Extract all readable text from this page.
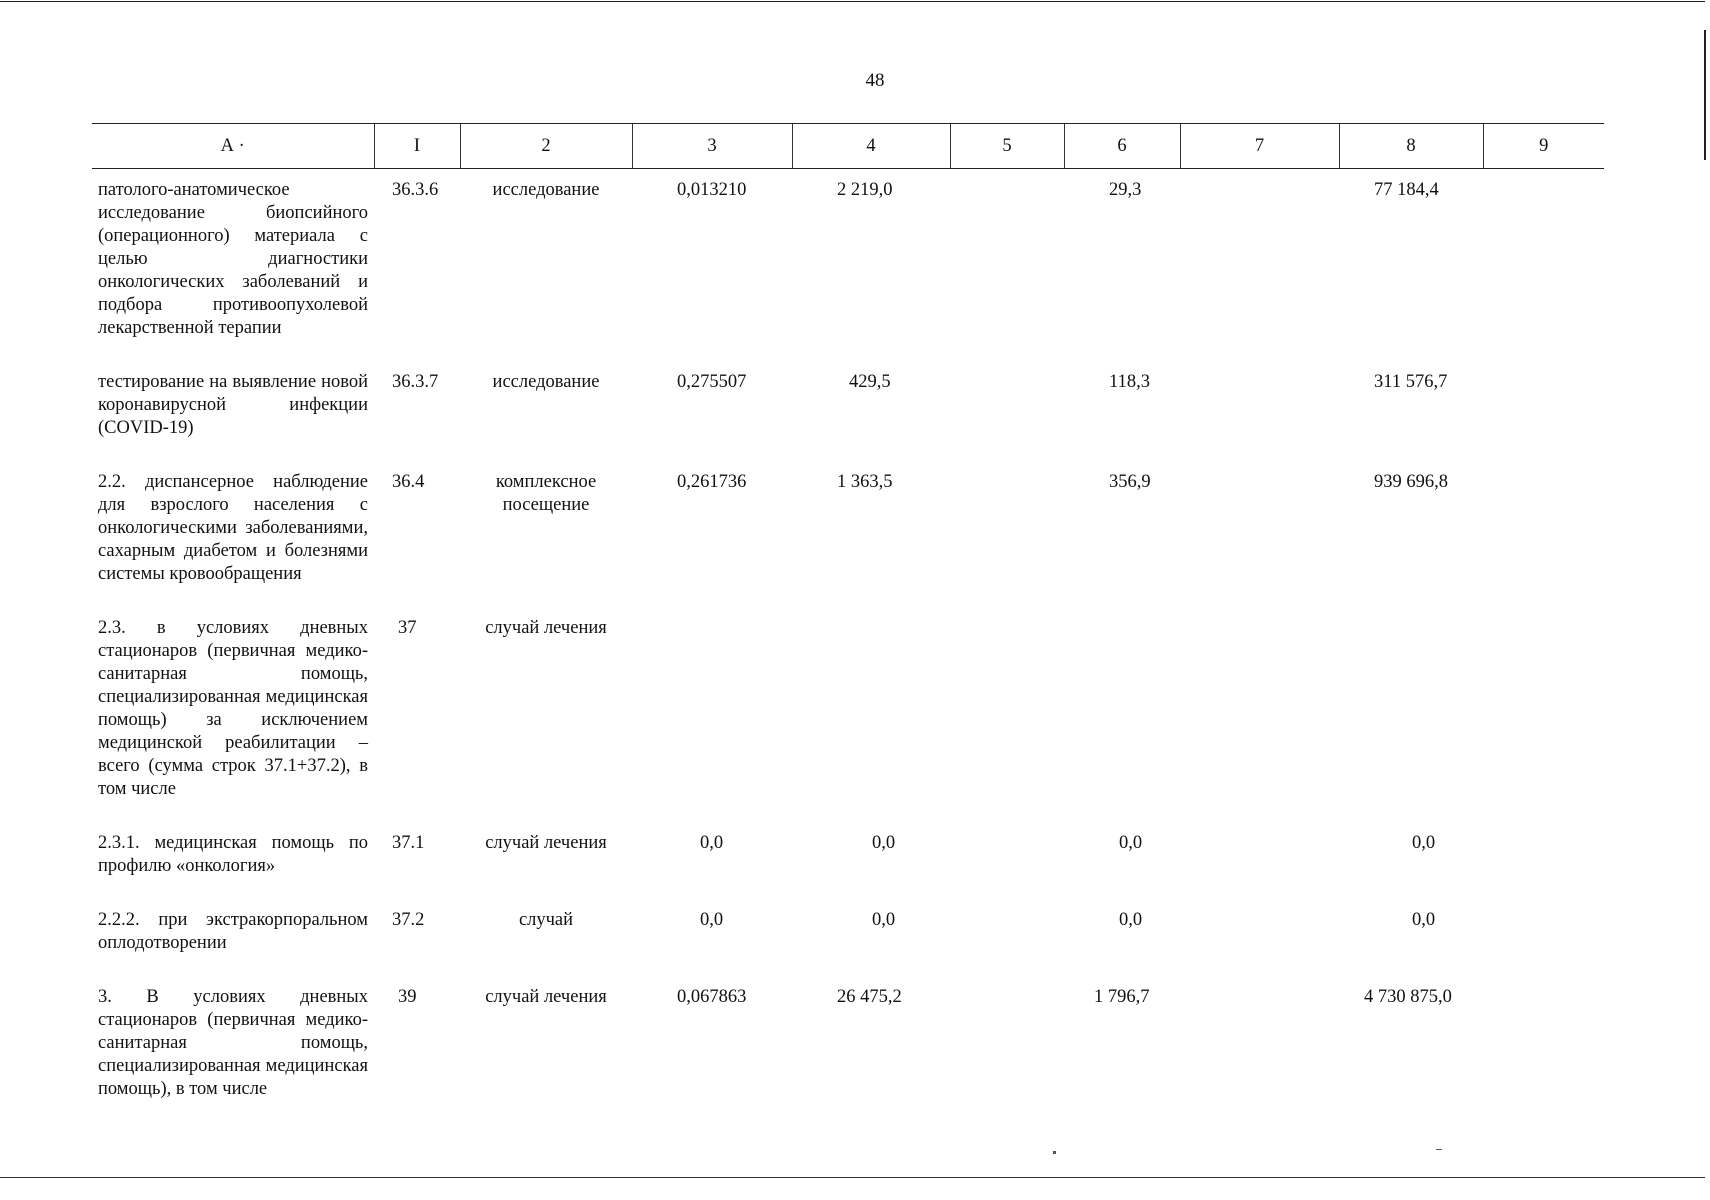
48
А ·	I	2	3	4	5	6	7	8	9
патолого-анатомическое исследование биопсийного (операционного) материала с целью диагностики онкологических заболеваний и подбора противоопухолевой лекарственной терапии	36.3.6	исследование	0,013210	2 219,0		29,3		77 184,4	
тестирование на выявление новой коронавирусной инфекции (COVID-19)	36.3.7	исследование	0,275507	429,5		118,3		311 576,7	
2.2. диспансерное наблюдение для взрослого населения с онкологическими заболеваниями, сахарным диабетом и болезнями системы кровообращения	36.4	комплексное посещение	0,261736	1 363,5		356,9		939 696,8	
2.3. в условиях дневных стационаров (первичная медико-санитарная помощь, специализированная медицинская помощь) за исключением медицинской реабилитации – всего (сумма строк 37.1+37.2), в том числе	37	случай лечения							
2.3.1. медицинская помощь по профилю «онкология»	37.1	случай лечения	0,0	0,0		0,0		0,0	
2.2.2. при экстракорпоральном оплодотворении	37.2	случай	0,0	0,0		0,0		0,0	
3. В условиях дневных стационаров (первичная медико-санитарная помощь, специализированная медицинская помощь), в том числе	39	случай лечения	0,067863	26 475,2		1 796,7		4 730 875,0	
